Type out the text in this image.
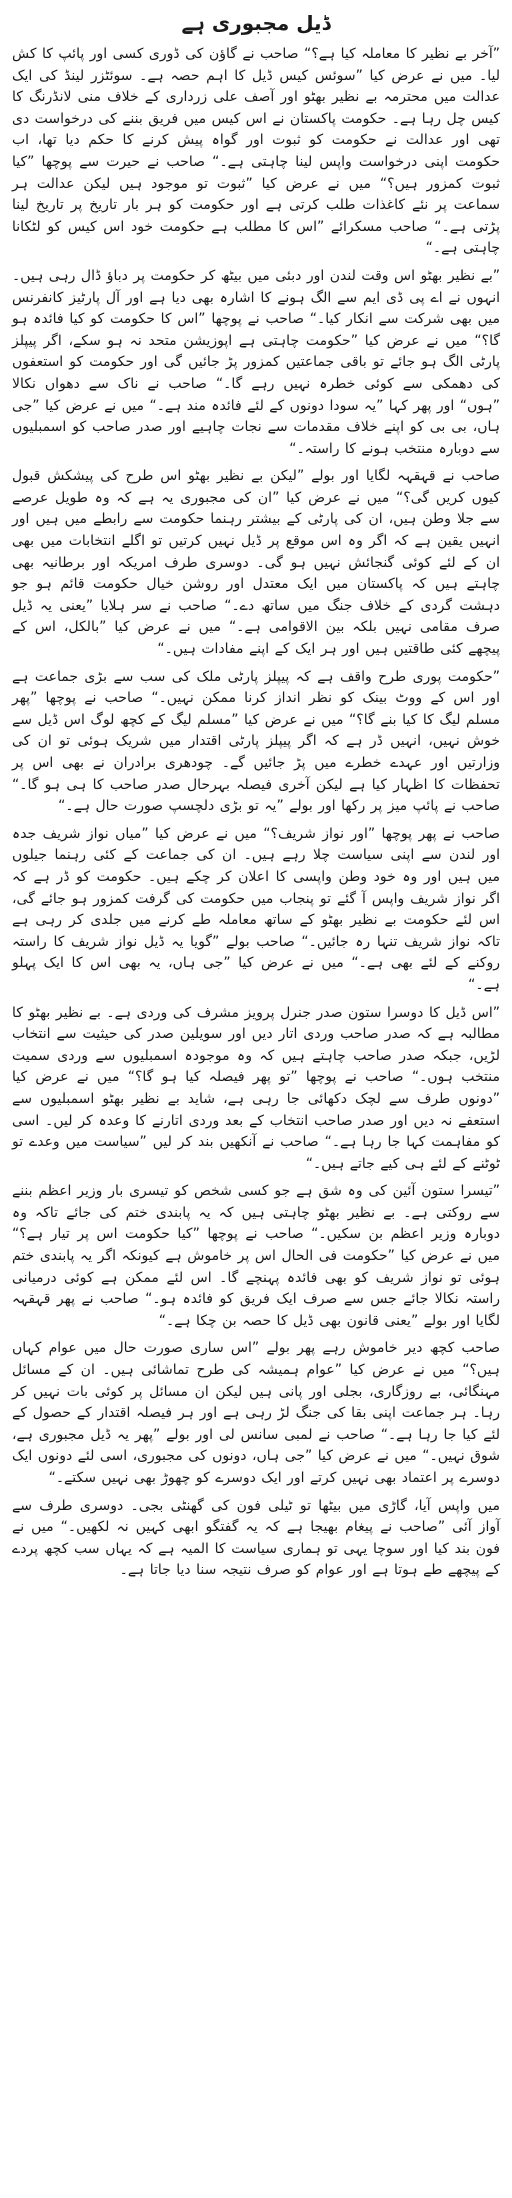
ڈیل مجبوری ہے

”آخر بے نظیر کا معاملہ کیا ہے؟“ صاحب نے گاؤن کی ڈوری کسی اور پائپ کا کش لیا۔ میں نے عرض کیا ”سوئس کیس ڈیل کا اہم حصہ ہے۔ سوئٹزر لینڈ کی ایک عدالت میں محترمہ بے نظیر بھٹو اور آصف علی زرداری کے خلاف منی لانڈرنگ کا کیس چل رہا ہے۔ حکومت پاکستان نے اس کیس میں فریق بننے کی درخواست دی تھی اور عدالت نے حکومت کو ثبوت اور گواہ پیش کرنے کا حکم دیا تھا، اب حکومت اپنی درخواست واپس لینا چاہتی ہے۔“ صاحب نے حیرت سے پوچھا ”کیا ثبوت کمزور ہیں؟“ میں نے عرض کیا ”ثبوت تو موجود ہیں لیکن عدالت ہر سماعت پر نئے کاغذات طلب کرتی ہے اور حکومت کو ہر بار تاریخ پر تاریخ لینا پڑتی ہے۔“ صاحب مسکرائے ”اس کا مطلب ہے حکومت خود اس کیس کو لٹکانا چاہتی ہے۔“

”بے نظیر بھٹو اس وقت لندن اور دبئی میں بیٹھ کر حکومت پر دباؤ ڈال رہی ہیں۔ انہوں نے اے پی ڈی ایم سے الگ ہونے کا اشارہ بھی دیا ہے اور آل پارٹیز کانفرنس میں بھی شرکت سے انکار کیا۔“ صاحب نے پوچھا ”اس کا حکومت کو کیا فائدہ ہو گا؟“ میں نے عرض کیا ”حکومت چاہتی ہے اپوزیشن متحد نہ ہو سکے، اگر پیپلز پارٹی الگ ہو جائے تو باقی جماعتیں کمزور پڑ جائیں گی اور حکومت کو استعفوں کی دھمکی سے کوئی خطرہ نہیں رہے گا۔“ صاحب نے ناک سے دھواں نکالا ”ہوں“ اور پھر کہا ”یہ سودا دونوں کے لئے فائدہ مند ہے۔“ میں نے عرض کیا ”جی ہاں، بی بی کو اپنے خلاف مقدمات سے نجات چاہیے اور صدر صاحب کو اسمبلیوں سے دوبارہ منتخب ہونے کا راستہ۔“

صاحب نے قہقہہ لگایا اور بولے ”لیکن بے نظیر بھٹو اس طرح کی پیشکش قبول کیوں کریں گی؟“ میں نے عرض کیا ”ان کی مجبوری یہ ہے کہ وہ طویل عرصے سے جلا وطن ہیں، ان کی پارٹی کے بیشتر رہنما حکومت سے رابطے میں ہیں اور انہیں یقین ہے کہ اگر وہ اس موقع پر ڈیل نہیں کرتیں تو اگلے انتخابات میں بھی ان کے لئے کوئی گنجائش نہیں ہو گی۔ دوسری طرف امریکہ اور برطانیہ بھی چاہتے ہیں کہ پاکستان میں ایک معتدل اور روشن خیال حکومت قائم ہو جو دہشت گردی کے خلاف جنگ میں ساتھ دے۔“ صاحب نے سر ہلایا ”یعنی یہ ڈیل صرف مقامی نہیں بلکہ بین الاقوامی ہے۔“ میں نے عرض کیا ”بالکل، اس کے پیچھے کئی طاقتیں ہیں اور ہر ایک کے اپنے مفادات ہیں۔“

”حکومت پوری طرح واقف ہے کہ پیپلز پارٹی ملک کی سب سے بڑی جماعت ہے اور اس کے ووٹ بینک کو نظر انداز کرنا ممکن نہیں۔“ صاحب نے پوچھا ”پھر مسلم لیگ کا کیا بنے گا؟“ میں نے عرض کیا ”مسلم لیگ کے کچھ لوگ اس ڈیل سے خوش نہیں، انہیں ڈر ہے کہ اگر پیپلز پارٹی اقتدار میں شریک ہوئی تو ان کی وزارتیں اور عہدے خطرے میں پڑ جائیں گے۔ چودھری برادران نے بھی اس پر تحفظات کا اظہار کیا ہے لیکن آخری فیصلہ بہرحال صدر صاحب کا ہی ہو گا۔“ صاحب نے پائپ میز پر رکھا اور بولے ”یہ تو بڑی دلچسپ صورت حال ہے۔“

صاحب نے پھر پوچھا ”اور نواز شریف؟“ میں نے عرض کیا ”میاں نواز شریف جدہ اور لندن سے اپنی سیاست چلا رہے ہیں۔ ان کی جماعت کے کئی رہنما جیلوں میں ہیں اور وہ خود وطن واپسی کا اعلان کر چکے ہیں۔ حکومت کو ڈر ہے کہ اگر نواز شریف واپس آ گئے تو پنجاب میں حکومت کی گرفت کمزور ہو جائے گی، اس لئے حکومت بے نظیر بھٹو کے ساتھ معاملہ طے کرنے میں جلدی کر رہی ہے تاکہ نواز شریف تنہا رہ جائیں۔“ صاحب بولے ”گویا یہ ڈیل نواز شریف کا راستہ روکنے کے لئے بھی ہے۔“ میں نے عرض کیا ”جی ہاں، یہ بھی اس کا ایک پہلو ہے۔“

”اس ڈیل کا دوسرا ستون صدر جنرل پرویز مشرف کی وردی ہے۔ بے نظیر بھٹو کا مطالبہ ہے کہ صدر صاحب وردی اتار دیں اور سویلین صدر کی حیثیت سے انتخاب لڑیں، جبکہ صدر صاحب چاہتے ہیں کہ وہ موجودہ اسمبلیوں سے وردی سمیت منتخب ہوں۔“ صاحب نے پوچھا ”تو پھر فیصلہ کیا ہو گا؟“ میں نے عرض کیا ”دونوں طرف سے لچک دکھائی جا رہی ہے، شاید بے نظیر بھٹو اسمبلیوں سے استعفے نہ دیں اور صدر صاحب انتخاب کے بعد وردی اتارنے کا وعدہ کر لیں۔ اسی کو مفاہمت کہا جا رہا ہے۔“ صاحب نے آنکھیں بند کر لیں ”سیاست میں وعدے تو ٹوٹنے کے لئے ہی کیے جاتے ہیں۔“

”تیسرا ستون آئین کی وہ شق ہے جو کسی شخص کو تیسری بار وزیر اعظم بننے سے روکتی ہے۔ بے نظیر بھٹو چاہتی ہیں کہ یہ پابندی ختم کی جائے تاکہ وہ دوبارہ وزیر اعظم بن سکیں۔“ صاحب نے پوچھا ”کیا حکومت اس پر تیار ہے؟“ میں نے عرض کیا ”حکومت فی الحال اس پر خاموش ہے کیونکہ اگر یہ پابندی ختم ہوئی تو نواز شریف کو بھی فائدہ پہنچے گا۔ اس لئے ممکن ہے کوئی درمیانی راستہ نکالا جائے جس سے صرف ایک فریق کو فائدہ ہو۔“ صاحب نے پھر قہقہہ لگایا اور بولے ”یعنی قانون بھی ڈیل کا حصہ بن چکا ہے۔“

صاحب کچھ دیر خاموش رہے پھر بولے ”اس ساری صورت حال میں عوام کہاں ہیں؟“ میں نے عرض کیا ”عوام ہمیشہ کی طرح تماشائی ہیں۔ ان کے مسائل مہنگائی، بے روزگاری، بجلی اور پانی ہیں لیکن ان مسائل پر کوئی بات نہیں کر رہا۔ ہر جماعت اپنی بقا کی جنگ لڑ رہی ہے اور ہر فیصلہ اقتدار کے حصول کے لئے کیا جا رہا ہے۔“ صاحب نے لمبی سانس لی اور بولے ”پھر یہ ڈیل مجبوری ہے، شوق نہیں۔“ میں نے عرض کیا ”جی ہاں، دونوں کی مجبوری، اسی لئے دونوں ایک دوسرے پر اعتماد بھی نہیں کرتے اور ایک دوسرے کو چھوڑ بھی نہیں سکتے۔“

میں واپس آیا، گاڑی میں بیٹھا تو ٹیلی فون کی گھنٹی بجی۔ دوسری طرف سے آواز آئی ”صاحب نے پیغام بھیجا ہے کہ یہ گفتگو ابھی کہیں نہ لکھیں۔“ میں نے فون بند کیا اور سوچا یہی تو ہماری سیاست کا المیہ ہے کہ یہاں سب کچھ پردے کے پیچھے طے ہوتا ہے اور عوام کو صرف نتیجہ سنا دیا جاتا ہے۔
